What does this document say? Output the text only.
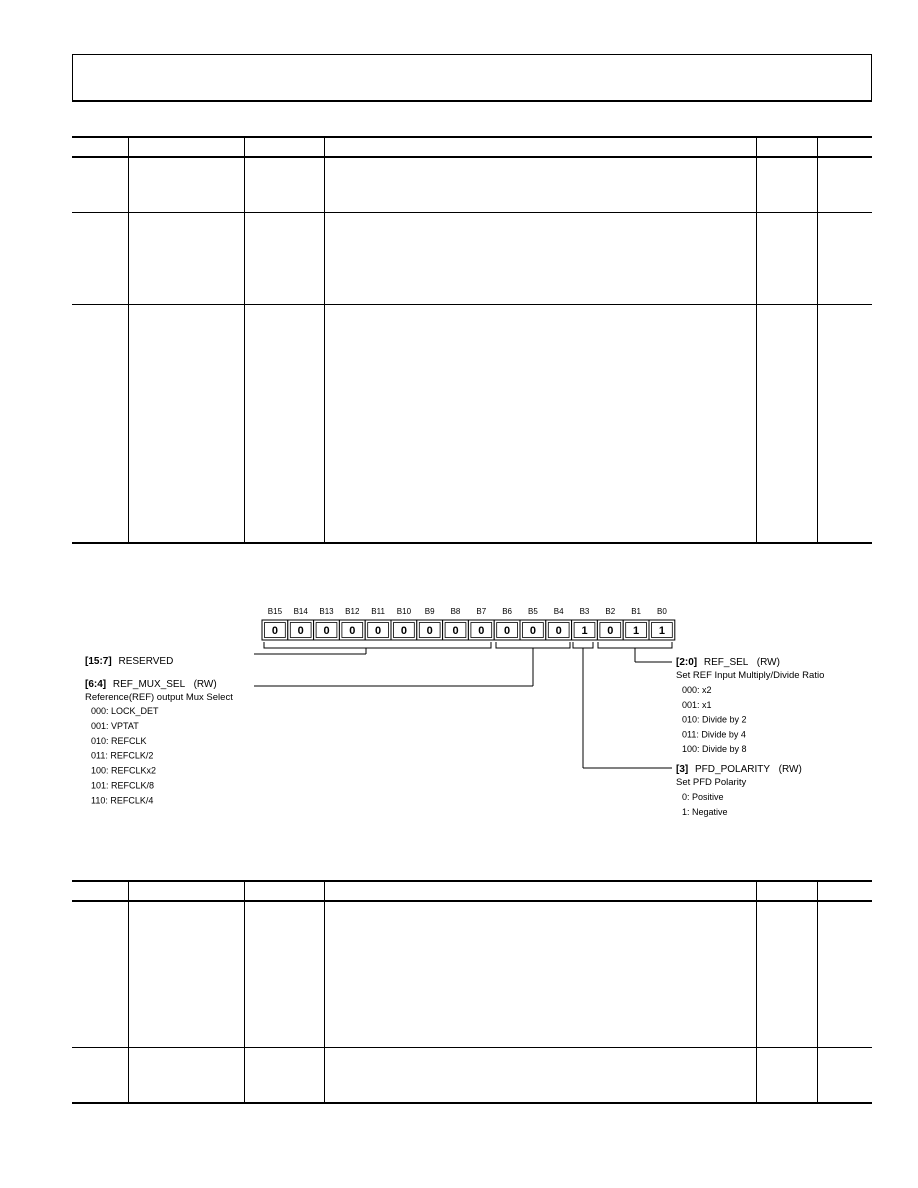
B15 B14 B13 B12 B11 B10 B9 B8 B7 B6 B5 B4 B3 B2 B1 B0
0 0 0 0 0 0 0 0 0 0 0 0 1 0 1 1
[15:7] RESERVED
[6:4] REF_MUX_SEL (RW)
Reference(REF) output Mux Select
000: LOCK_DET
001: VPTAT
010: REFCLK
011: REFCLK/2
100: REFCLKx2
101: REFCLK/8
110: REFCLK/4
[2:0] REF_SEL (RW)
Set REF Input Multiply/Divide Ratio
000: x2
001: x1
010: Divide by 2
011: Divide by 4
100: Divide by 8
[3] PFD_POLARITY (RW)
Set PFD Polarity
0: Positive
1: Negative
